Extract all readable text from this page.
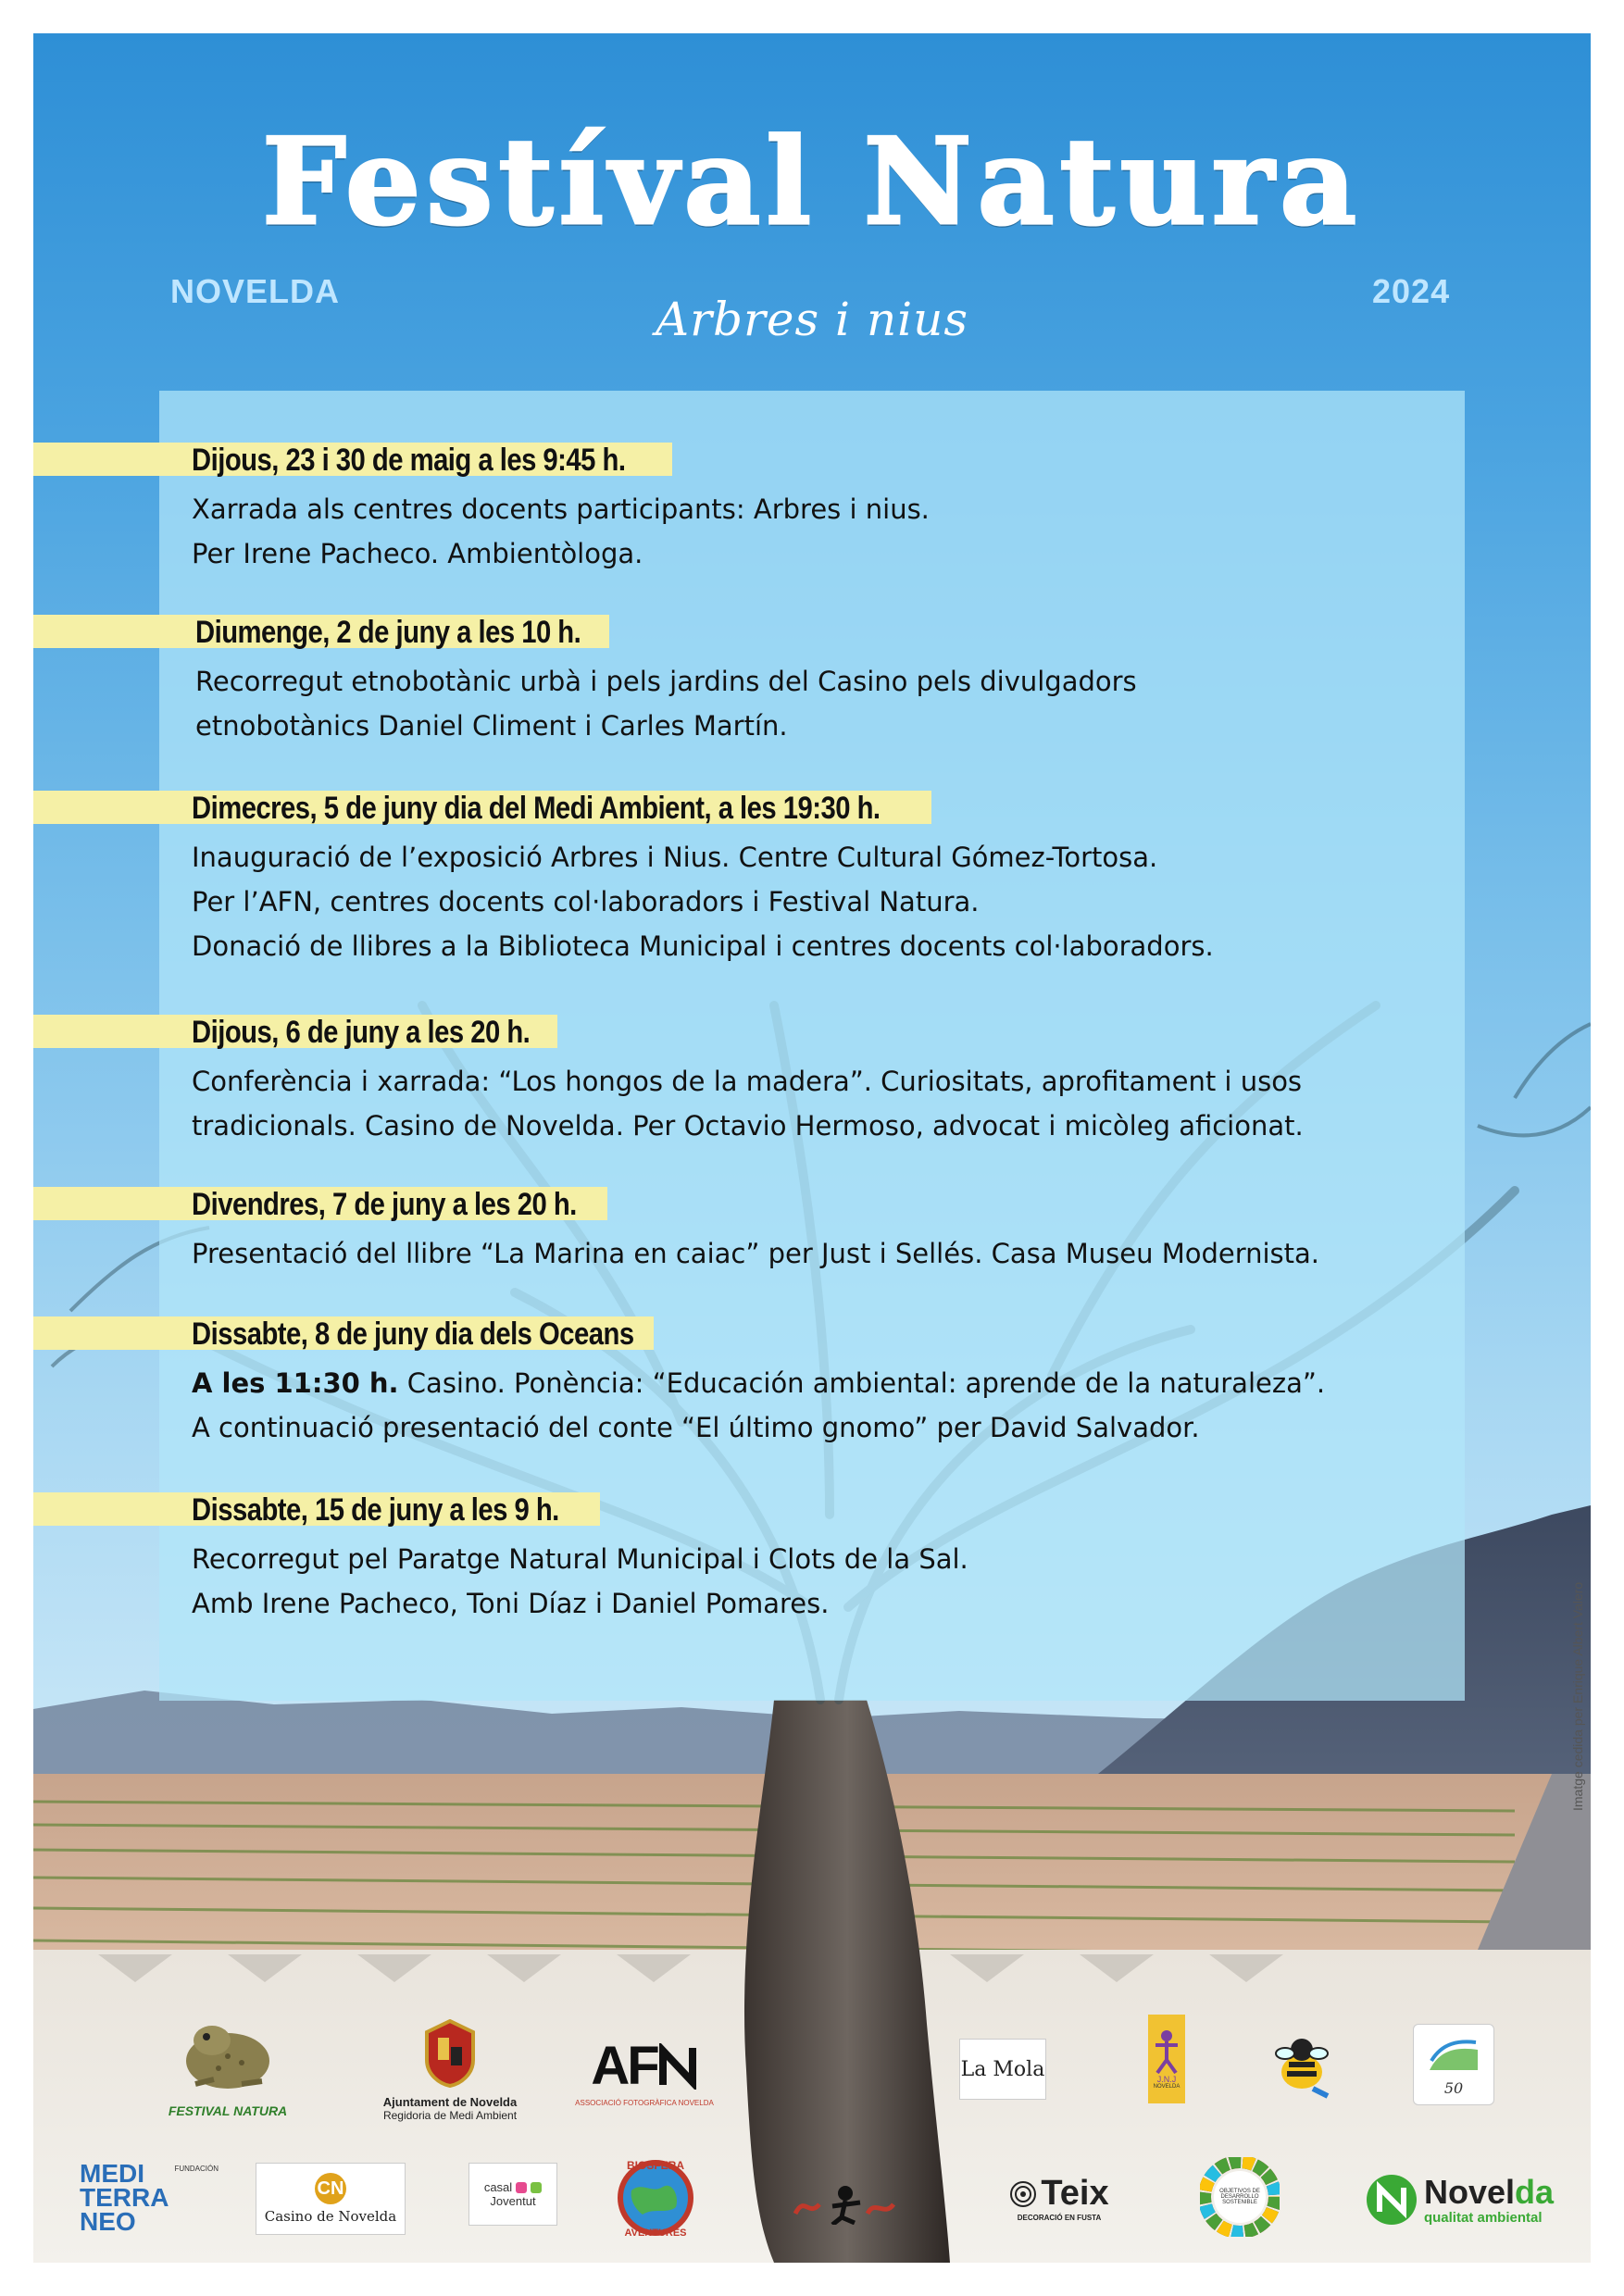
Festíval Natura
NOVELDA	2024
Arbres i nius
Dijous, 23 i 30 de maig a les 9:45 h.
Xarrada als centres docents participants: Arbres i nius.
Per Irene Pacheco. Ambientòloga.
Diumenge, 2 de juny a les 10 h.
Recorregut etnobotànic urbà i pels jardins del Casino pels divulgadors
etnobotànics Daniel Climent i Carles Martín.
Dimecres, 5 de juny dia del Medi Ambient, a les 19:30 h.
Inauguració de l’exposició Arbres i Nius. Centre Cultural Gómez-Tortosa.
Per l’AFN, centres docents col·laboradors i Festival Natura.
Donació de llibres a la Biblioteca Municipal i centres docents col·laboradors.
Dijous, 6 de juny a les 20 h.
Conferència i xarrada: “Los hongos de la madera”. Curiositats, aprofitament i usos
tradicionals. Casino de Novelda. Per Octavio Hermoso, advocat i micòleg aficionat.
Divendres, 7 de juny a les 20 h.
Presentació del llibre “La Marina en caiac” per Just i Sellés. Casa Museu Modernista.
Dissabte, 8 de juny dia dels Oceans
A les 11:30 h. Casino. Ponència: “Educación ambiental: aprende de la naturaleza”.
A continuació presentació del conte “El último gnomo” per David Salvador.
Dissabte, 15 de juny a les 9 h.
Recorregut pel Paratge Natural Municipal i Clots de la Sal.
Amb Irene Pacheco, Toni Díaz i Daniel Pomares.	Imatge cedida per Enrique Albert Valero
FESTIVAL NATURA
Ajuntament de Novelda
Regidoria de Medi Ambient
AF
ASSOCIACIÓ FOTOGRÀFICA NOVELDA
La Mola	J.N.J
NOVELDA	50
MEDI
TERRA
NEO
FUNDACIÓN
CN
Casino de Novelda
casal
Joventut
BIOSFERA
AVENTURES
Teix
DECORACIÓ EN FUSTA
OBJETIVOS DE DESARROLLO SOSTENIBLE	Novelda
qualitat ambiental
